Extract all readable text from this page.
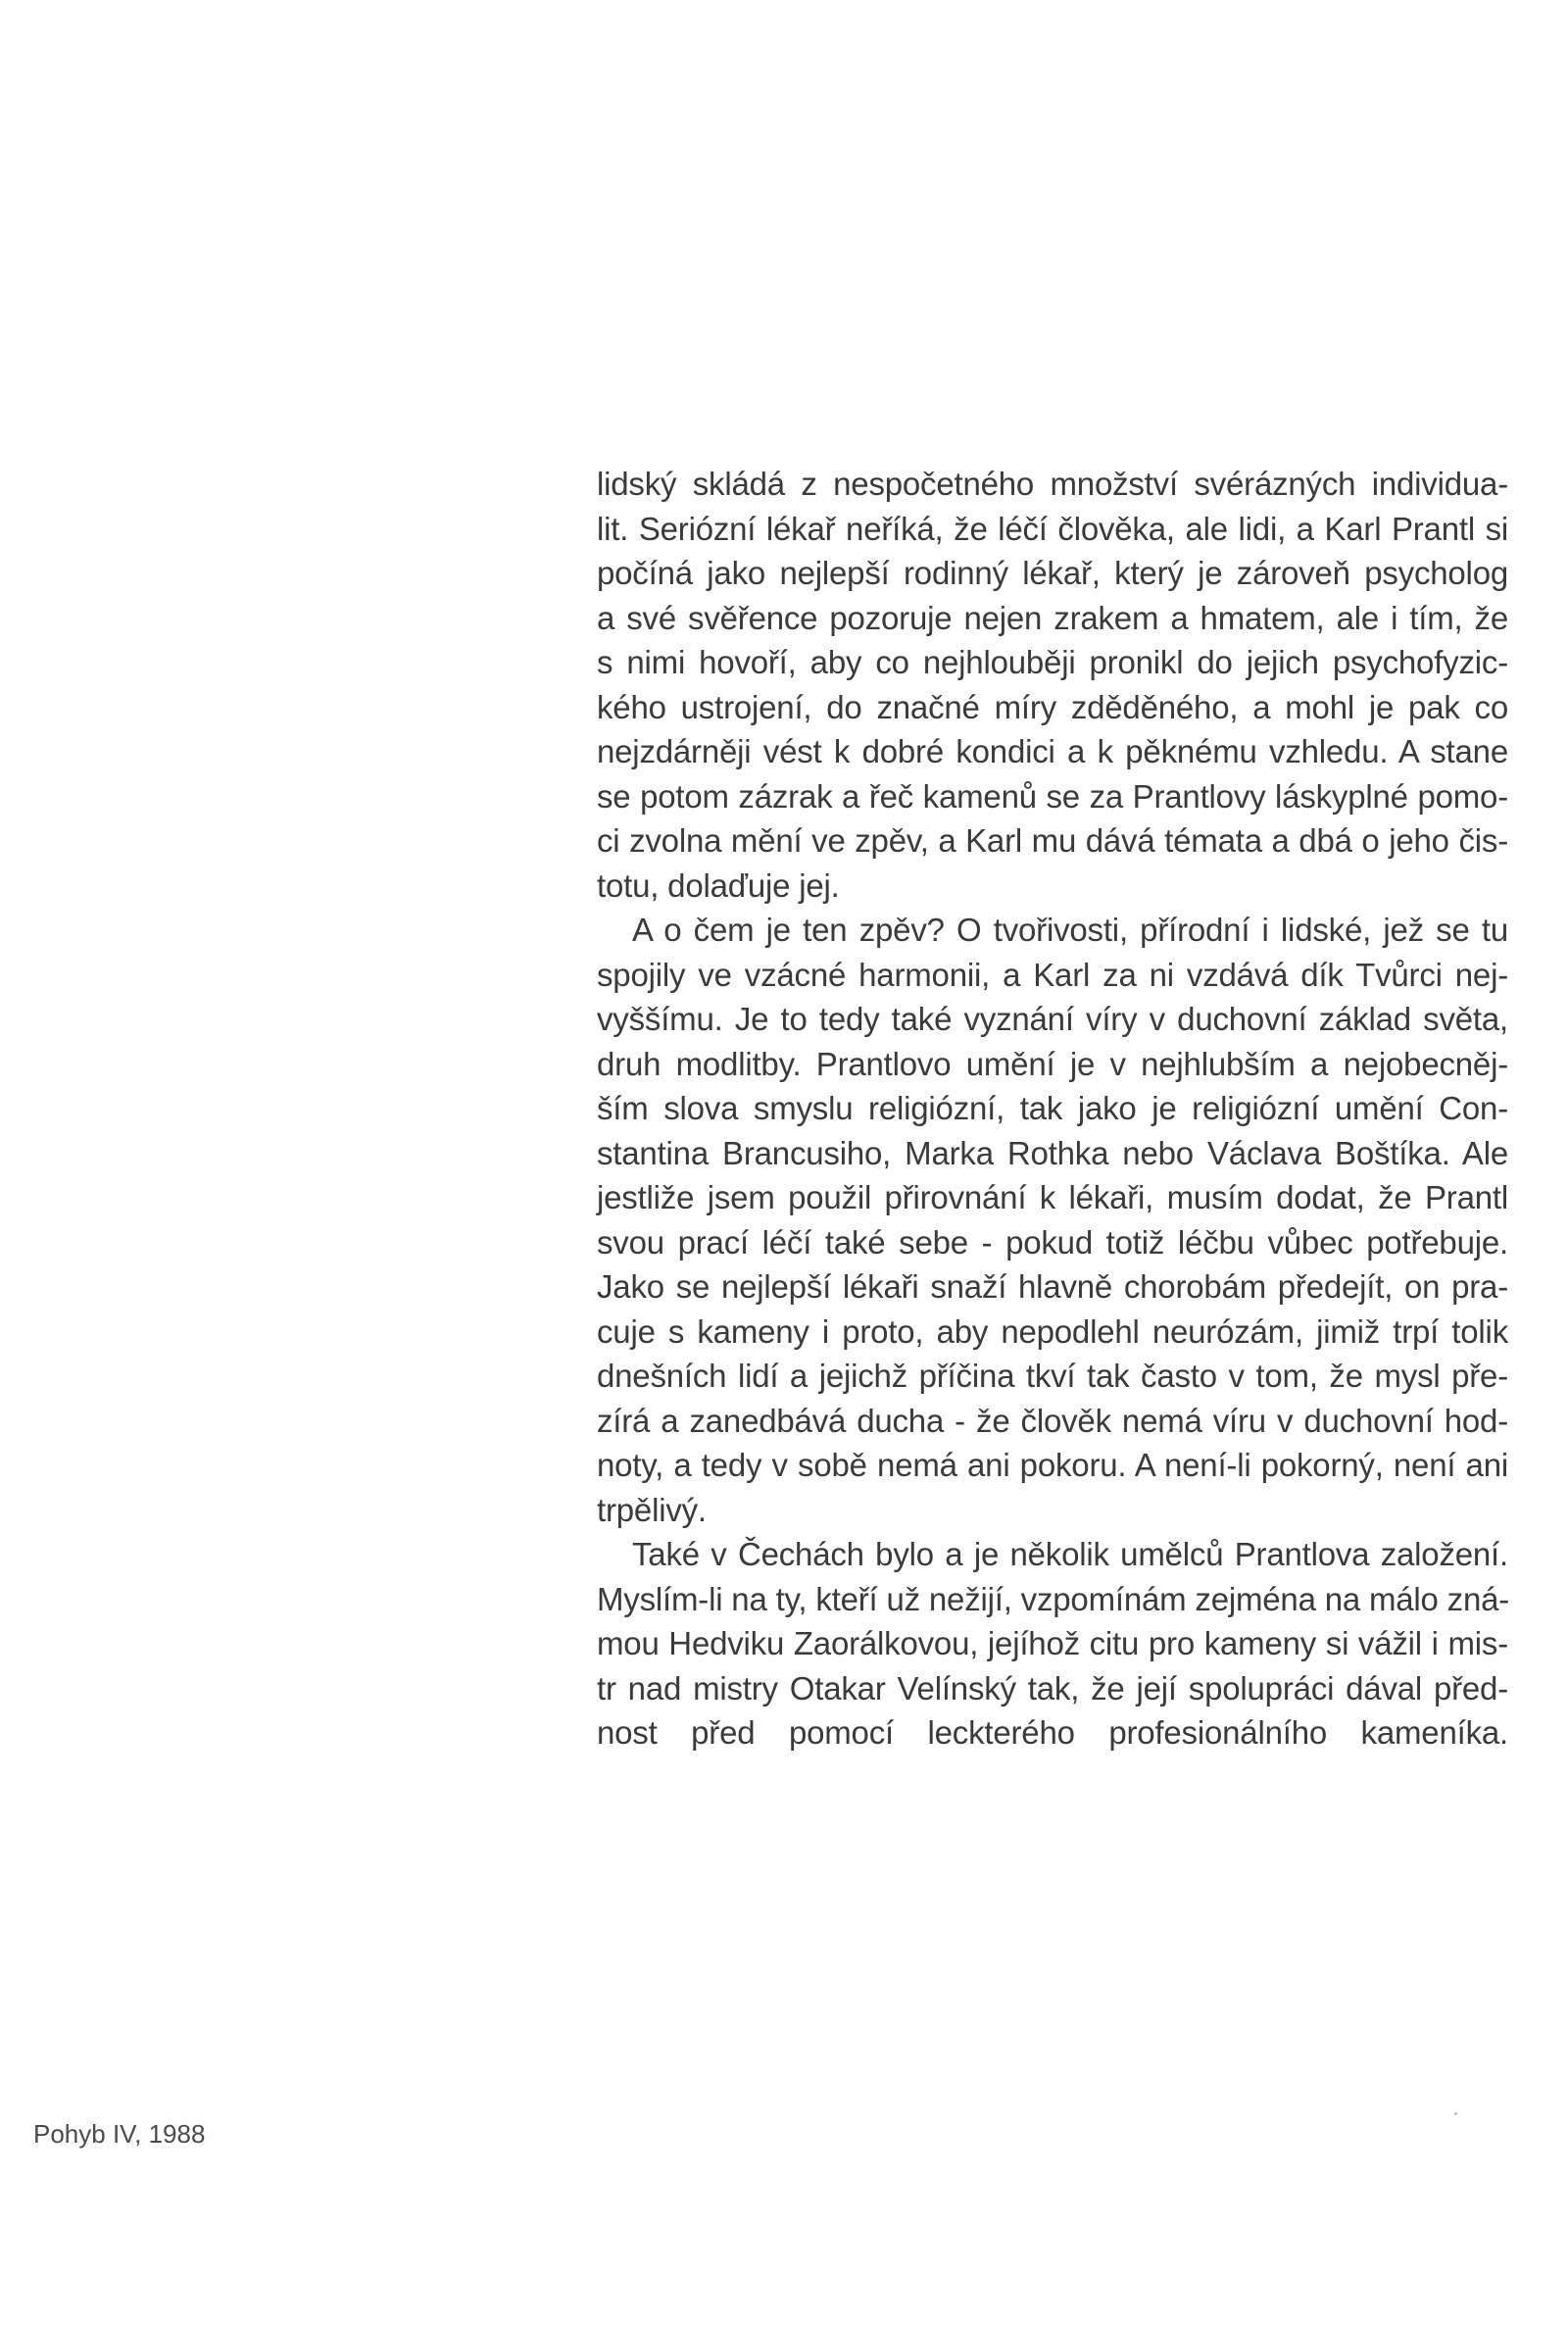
lidský skládá z nespočetného množství svérázných individua-
lit. Seriózní lékař neříká, že léčí člověka, ale lidi, a Karl Prantl si
počíná jako nejlepší rodinný lékař, který je zároveň psycholog
a své svěřence pozoruje nejen zrakem a hmatem, ale i tím, že
s nimi hovoří, aby co nejhlouběji pronikl do jejich psychofyzic-
kého ustrojení, do značné míry zděděného, a mohl je pak co
nejzdárněji vést k dobré kondici a k pěknému vzhledu. A stane
se potom zázrak a řeč kamenů se za Prantlovy láskyplné pomo-
ci zvolna mění ve zpěv, a Karl mu dává témata a dbá o jeho čis-
totu, dolaďuje jej.
A o čem je ten zpěv? O tvořivosti, přírodní i lidské, jež se tu
spojily ve vzácné harmonii, a Karl za ni vzdává dík Tvůrci nej-
vyššímu. Je to tedy také vyznání víry v duchovní základ světa,
druh modlitby. Prantlovo umění je v nejhlubším a nejobecněj-
ším slova smyslu religiózní, tak jako je religiózní umění Con-
stantina Brancusiho, Marka Rothka nebo Václava Boštíka. Ale
jestliže jsem použil přirovnání k lékaři, musím dodat, že Prantl
svou prací léčí také sebe - pokud totiž léčbu vůbec potřebuje.
Jako se nejlepší lékaři snaží hlavně chorobám předejít, on pra-
cuje s kameny i proto, aby nepodlehl neurózám, jimiž trpí tolik
dnešních lidí a jejichž příčina tkví tak často v tom, že mysl pře-
zírá a zanedbává ducha - že člověk nemá víru v duchovní hod-
noty, a tedy v sobě nemá ani pokoru. A není-li pokorný, není ani
trpělivý.
Také v Čechách bylo a je několik umělců Prantlova založení.
Myslím-li na ty, kteří už nežijí, vzpomínám zejména na málo zná-
mou Hedviku Zaorálkovou, jejíhož citu pro kameny si vážil i mis-
tr nad mistry Otakar Velínský tak, že její spolupráci dával před-
nost před pomocí leckterého profesionálního kameníka.
Pohyb IV, 1988
